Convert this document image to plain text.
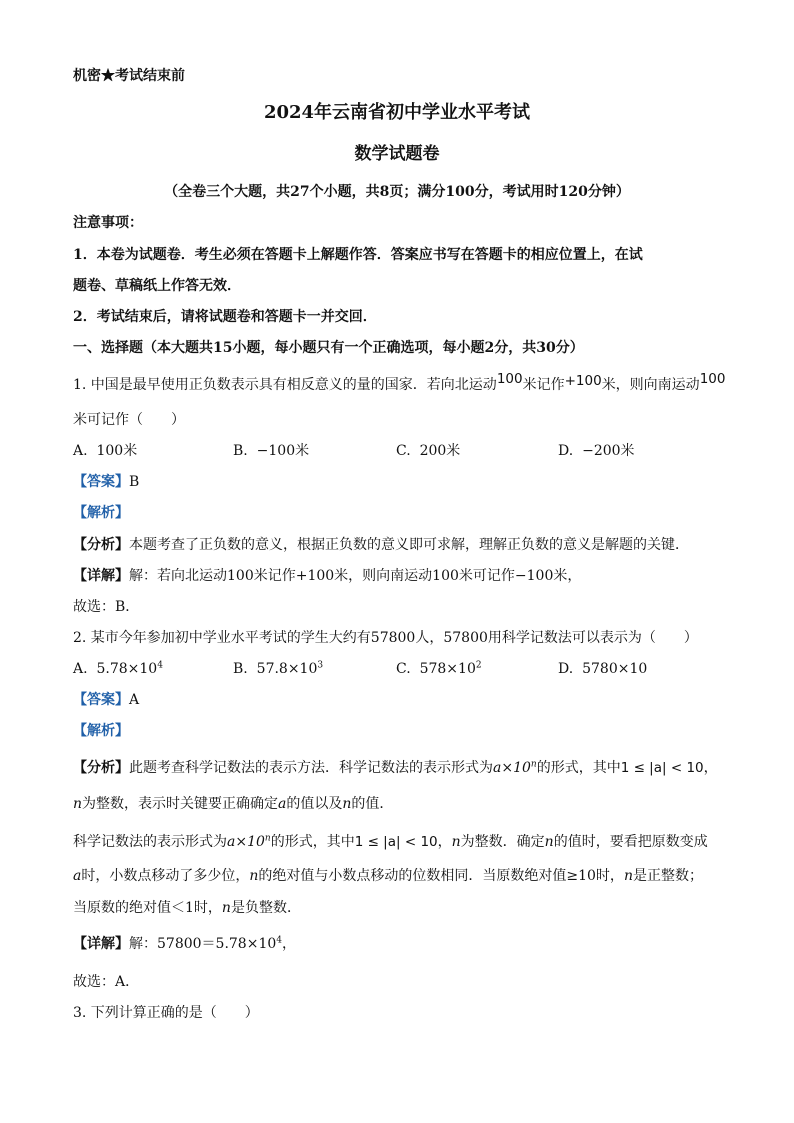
机密★考试结束前
2024年云南省初中学业水平考试
数学试题卷
（全卷三个大题，共27个小题，共8页；满分100分，考试用时120分钟）
注意事项：
1．本卷为试题卷．考生必须在答题卡上解题作答．答案应书写在答题卡的相应位置上，在试
题卷、草稿纸上作答无效．
2．考试结束后，请将试题卷和答题卡一并交回．
一、选择题（本大题共15小题，每小题只有一个正确选项，每小题2分，共30分）
1. 中国是最早使用正负数表示具有相反意义的量的国家．若向北运动100米记作+100米，则向南运动100
米可记作（　　）
A. 100米	B. −100米	C. 200米	D. −200米
【答案】B
【解析】
【分析】本题考查了正负数的意义，根据正负数的意义即可求解，理解正负数的意义是解题的关键．
【详解】解：若向北运动100米记作+100米，则向南运动100米可记作−100米，
故选：B．
2. 某市今年参加初中学业水平考试的学生大约有57800人，57800用科学记数法可以表示为（　　）
A. $5.78\times 10^4$	B. $57.8\times 10^3$	C. $578\times 10^2$	D. 5780×10
【答案】A
【解析】
【分析】此题考查科学记数法的表示方法．科学记数法的表示形式为$a\times 10^n$的形式，其中1 ≤ |a| < 10，
n为整数，表示时关键要正确确定a的值以及n的值．
科学记数法的表示形式为$a\times 10^n$的形式，其中1 ≤ |a| < 10，n为整数．确定n的值时，要看把原数变成
a时，小数点移动了多少位，n的绝对值与小数点移动的位数相同．当原数绝对值≥10时，n是正整数；
当原数的绝对值＜1时，n是负整数．
【详解】解：$57800=5.78\times 10^4$，
故选：A．
3. 下列计算正确的是（　　）
